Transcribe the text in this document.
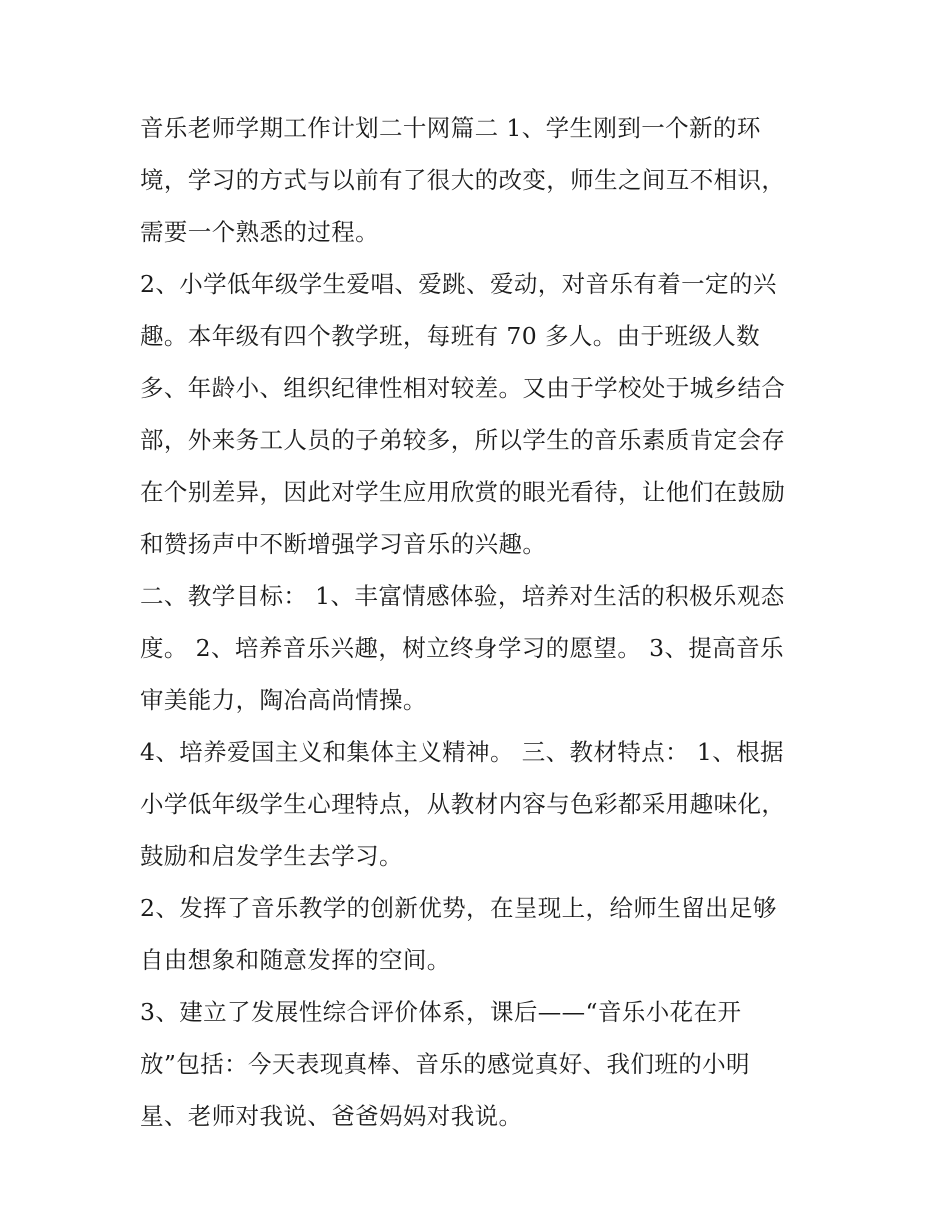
音乐老师学期工作计划二十网篇二 1、学生刚到一个新的环
境，学习的方式与以前有了很大的改变，师生之间互不相识，
需要一个熟悉的过程。
2、小学低年级学生爱唱、爱跳、爱动，对音乐有着一定的兴
趣。本年级有四个教学班，每班有 70 多人。由于班级人数
多、年龄小、组织纪律性相对较差。又由于学校处于城乡结合
部，外来务工人员的子弟较多，所以学生的音乐素质肯定会存
在个别差异，因此对学生应用欣赏的眼光看待，让他们在鼓励
和赞扬声中不断增强学习音乐的兴趣。
二、教学目标： 1、丰富情感体验，培养对生活的积极乐观态
度。 2、培养音乐兴趣，树立终身学习的愿望。 3、提高音乐
审美能力，陶冶高尚情操。
4、培养爱国主义和集体主义精神。 三、教材特点： 1、根据
小学低年级学生心理特点，从教材内容与色彩都采用趣味化，
鼓励和启发学生去学习。
2、发挥了音乐教学的创新优势，在呈现上，给师生留出足够
自由想象和随意发挥的空间。
3、建立了发展性综合评价体系，课后——“音乐小花在开
放”包括：今天表现真棒、音乐的感觉真好、我们班的小明
星、老师对我说、爸爸妈妈对我说。
